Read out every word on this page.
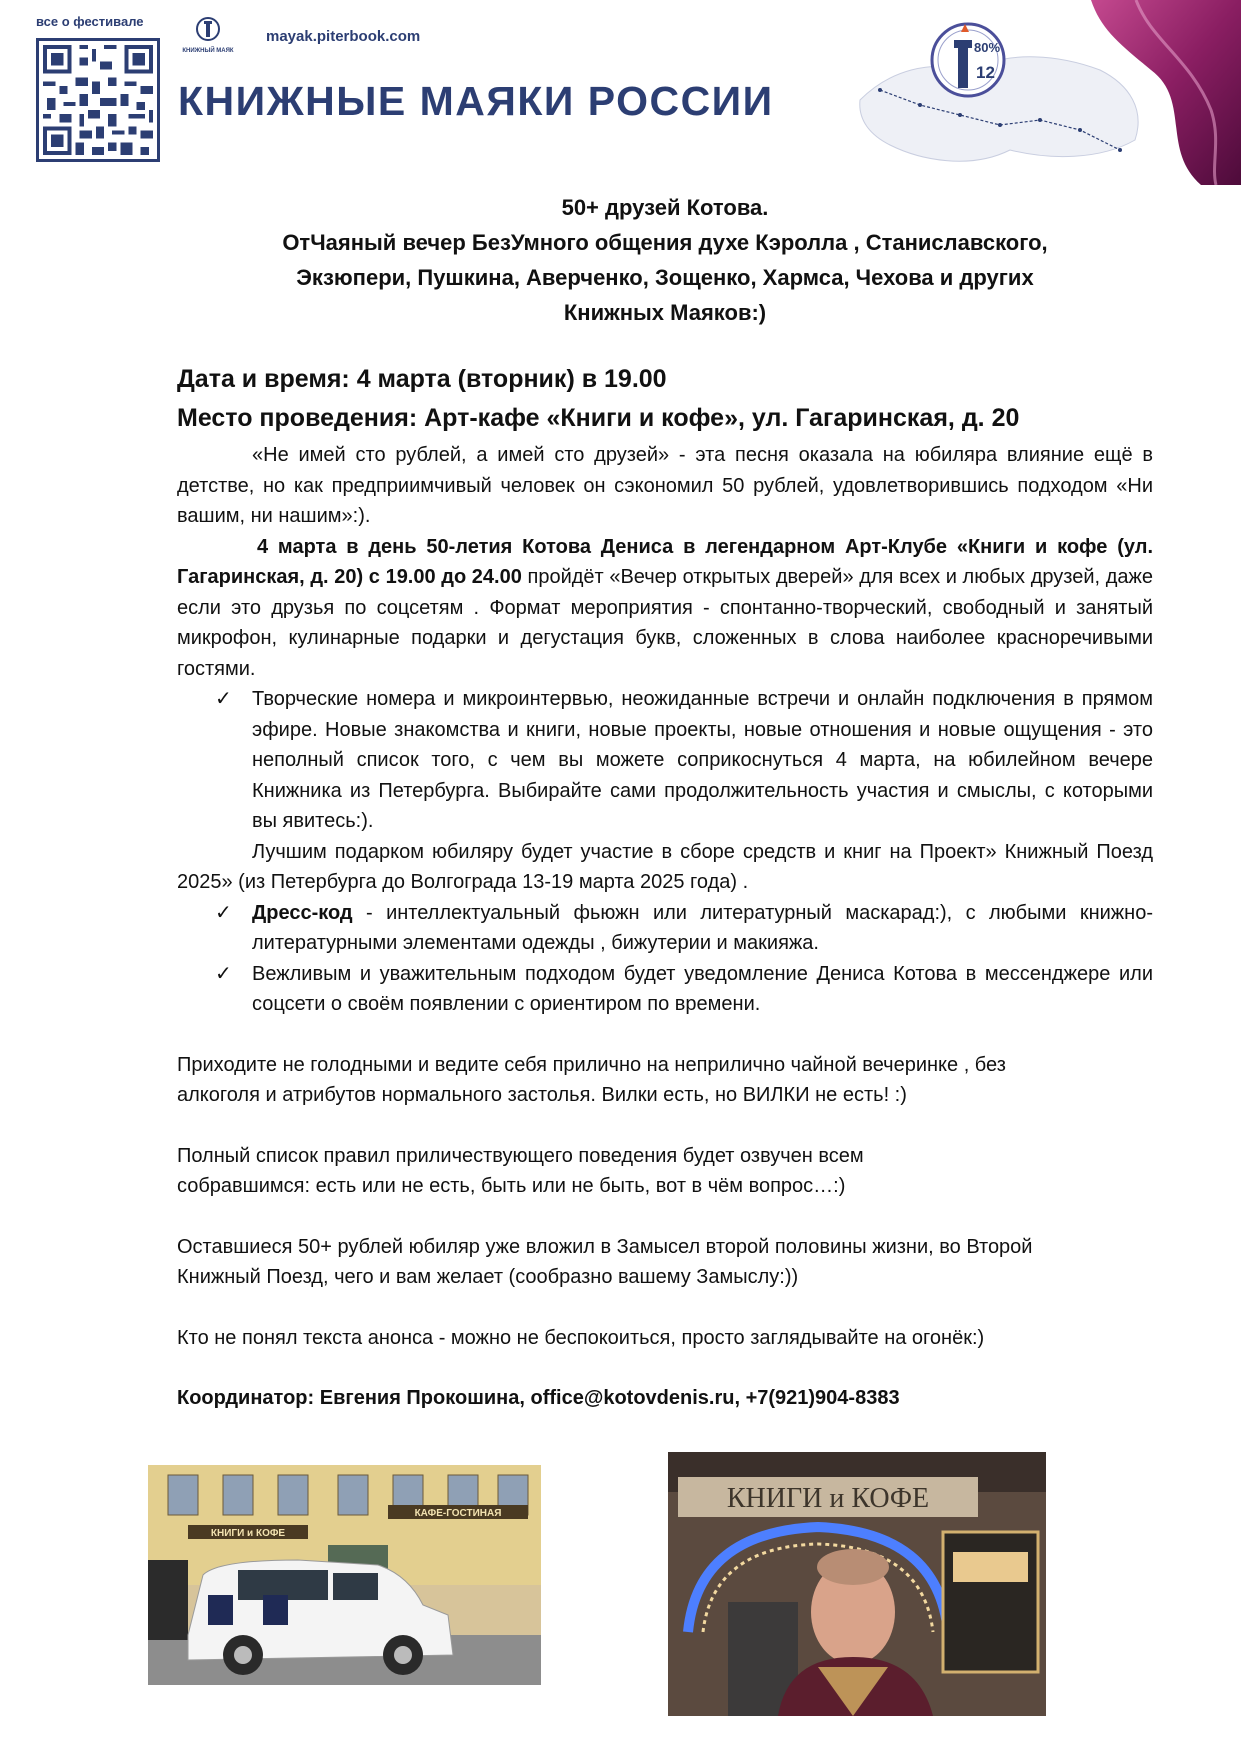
все о фестивале
КНИЖНЫЙ МАЯК
mayak.piterbook.com
КНИЖНЫЕ МАЯКИ РОССИИ
80%
12
50+ друзей Котова.
ОтЧаяный вечер БезУмного общения духе Кэролла , Станиславского,
Экзюпери, Пушкина, Аверченко, Зощенко, Хармса, Чехова и других
Книжных Маяков:)
Дата и время: 4 марта (вторник) в 19.00
Место проведения: Арт-кафе «Книги и кофе», ул. Гагаринская, д. 20

«Не имей сто рублей, а имей сто друзей» - эта песня оказала на юбиляра влияние ещё в детстве, но как предприимчивый человек он сэкономил 50 рублей, удовлетворившись подходом «Ни вашим, ни нашим»:).

4 марта в день 50-летия Котова Дениса в легендарном Арт-Клубе «Книги и кофе (ул. Гагаринская, д. 20) с 19.00 до 24.00 пройдёт «Вечер открытых дверей» для всех и любых друзей, даже если это друзья по соцсетям . Формат мероприятия - спонтанно-творческий, свободный и занятый микрофон, кулинарные подарки и дегустация букв, сложенных в слова наиболее красноречивыми гостями.

✓ Творческие номера и микроинтервью, неожиданные встречи и онлайн подключения в прямом эфире. Новые знакомства и книги, новые проекты, новые отношения и новые ощущения - это неполный список того, с чем вы можете соприкоснуться 4 марта, на юбилейном вечере Книжника из Петербурга. Выбирайте сами продолжительность участия и смыслы, с которыми вы явитесь:).

Лучшим подарком юбиляру будет участие в сборе средств и книг на Проект» Книжный Поезд 2025» (из Петербурга до Волгограда 13-19 марта 2025 года) .

✓ Дресс-код - интеллектуальный фьюжн или литературный маскарад:), с любыми книжно-литературными элементами одежды , бижутерии и макияжа.
✓ Вежливым и уважительным подходом будет уведомление Дениса Котова в мессенджере или соцсети о своём появлении с ориентиром по времени.

Приходите не голодными и ведите себя прилично на неприлично чайной вечеринке , без

алкоголя и атрибутов нормального застолья. Вилки есть, но ВИЛКИ не есть! :)

Полный список правил приличествующего поведения будет озвучен всем

собравшимся: есть или не есть, быть или не быть, вот в чём вопрос…:)

Оставшиеся 50+ рублей юбиляр уже вложил в Замысел второй половины жизни, во Второй

Книжный Поезд, чего и вам желает (сообразно вашему Замыслу:))

Кто не понял текста анонса - можно не беспокоиться, просто заглядывайте на огонёк:)

Координатор: Евгения Прокошина, office@kotovdenis.ru, +7(921)904-8383

КНИГИ и КОФЕ
КАФЕ-ГОСТИНАЯ	КНИГИ и КОФЕ
